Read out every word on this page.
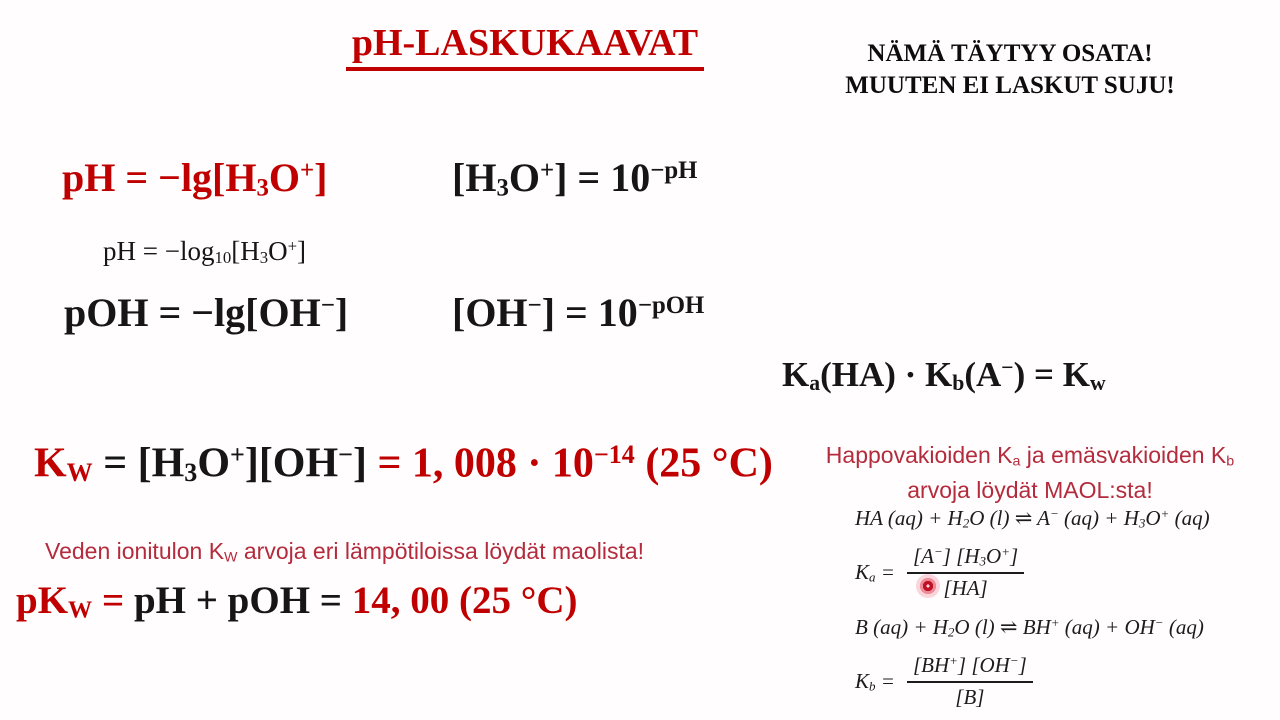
pH-LASKUKAAVAT	NÄMÄ TÄYTYY OSATA!
MUUTEN EI LASKUT SUJU!
pH = −lg[H3O+]	$[H3O^+] = 10^{-pH}$
pH = −log10[H3O+]
pOH = −lg[OH−]	$[OH^-] = 10^{-pOH}$
Ka(HA) · Kb(A−) = Kw
KW = [H3O+][OH−] = 1, $008 \cdot 10^{-14}$ (25 °C)
Veden ionitulon KW arvoja eri lämpötiloissa löydät maolista!
pKW = pH + pOH = 14, 00 (25 °C)
Happovakioiden Ka ja emäsvakioiden Kb
arvoja löydät MAOL:sta!
HA (aq) + H2O (l) ⇌ A− (aq) + H3O+ (aq)
$Ka = \frac{[A^-] [H3O^+]}{[HA]}$
B (aq) + H2O (l) ⇌ BH+ (aq) + OH− (aq)
$Kb = \frac{[BH^+] [OH^-]}{[B]}$
